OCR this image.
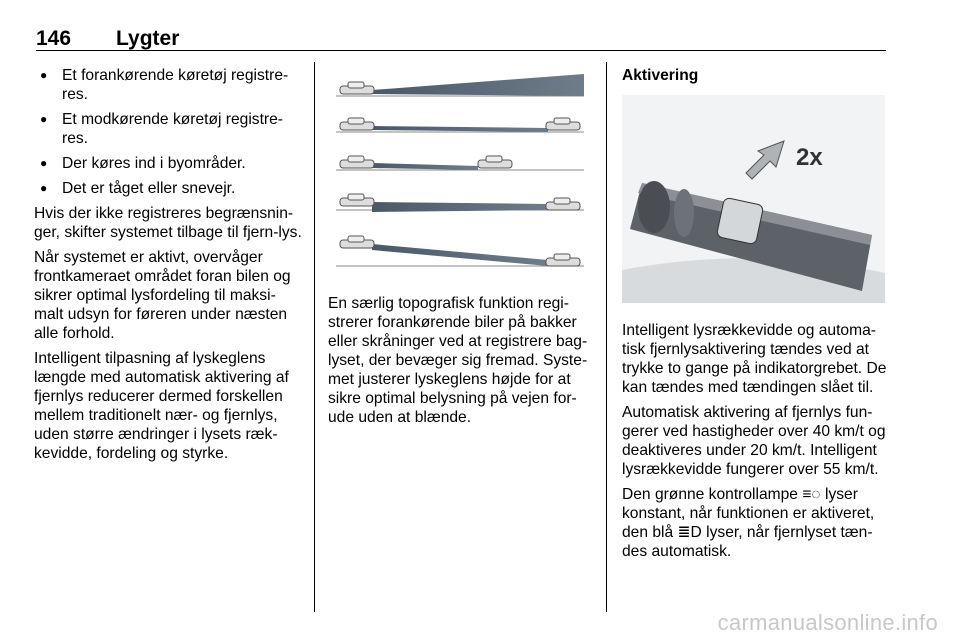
146 Lygter
● Et forankørende køretøj registre-res.
● Et modkørende køretøj registre-res.
● Der køres ind i byområder.
● Det er tåget eller snevejr.

Hvis der ikke registreres begrænsnin-ger, skifter systemet tilbage til fjern-lys.

Når systemet er aktivt, overvåger frontkameraet området foran bilen og sikrer optimal lysfordeling til maksi-malt udsyn for føreren under næsten alle forhold.

Intelligent tilpasning af lyskeglens længde med automatisk aktivering af fjernlys reducerer dermed forskellen mellem traditionelt nær- og fjernlys, uden større ændringer i lysets ræk-kevidde, fordeling og styrke.

En særlig topografisk funktion regi-strerer forankørende biler på bakker eller skråninger ved at registrere bag-lyset, der bevæger sig fremad. Syste-met justerer lyskeglens højde for at sikre optimal belysning på vejen for-ude uden at blænde.

Aktivering

2x

Intelligent lysrækkevidde og automa-tisk fjernlysaktivering tændes ved at trykke to gange på indikatorgrebet. De kan tændes med tændingen slået til.

Automatisk aktivering af fjernlys fun-gerer ved hastigheder over 40 km/t og deaktiveres under 20 km/t. Intelligent lysrækkevidde fungerer over 55 km/t.

Den grønne kontrollampe ≡◌ lyser konstant, når funktionen er aktiveret, den blå ≣D lyser, når fjernlyset tæn-des automatisk.

carmanualsonline.info
